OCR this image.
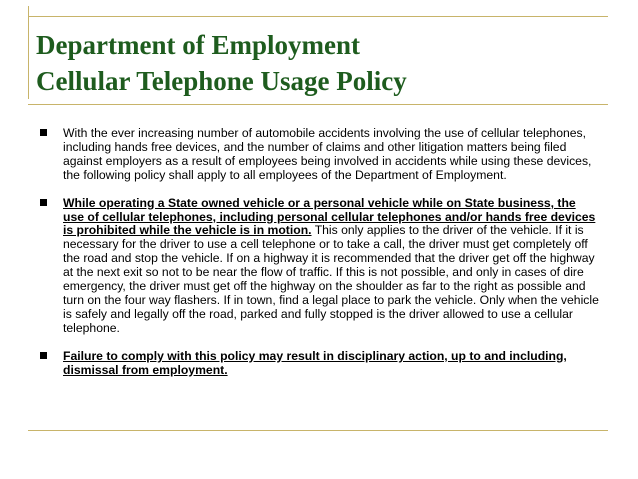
Department of Employment
Cellular Telephone Usage Policy
With the ever increasing number of automobile accidents involving the use of cellular telephones, including hands free devices, and the number of claims and other litigation matters being filed against employers as a result of employees being involved in accidents while using these devices, the following policy shall apply to all employees of the Department of Employment.
While operating a State owned vehicle or a personal vehicle while on State business, the use of cellular telephones, including personal cellular telephones and/or hands free devices is prohibited while the vehicle is in motion. This only applies to the driver of the vehicle. If it is necessary for the driver to use a cell telephone or to take a call, the driver must get completely off the road and stop the vehicle. If on a highway it is recommended that the driver get off the highway at the next exit so not to be near the flow of traffic. If this is not possible, and only in cases of dire emergency, the driver must get off the highway on the shoulder as far to the right as possible and turn on the four way flashers. If in town, find a legal place to park the vehicle. Only when the vehicle is safely and legally off the road, parked and fully stopped is the driver allowed to use a cellular telephone.
Failure to comply with this policy may result in disciplinary action, up to and including, dismissal from employment.
